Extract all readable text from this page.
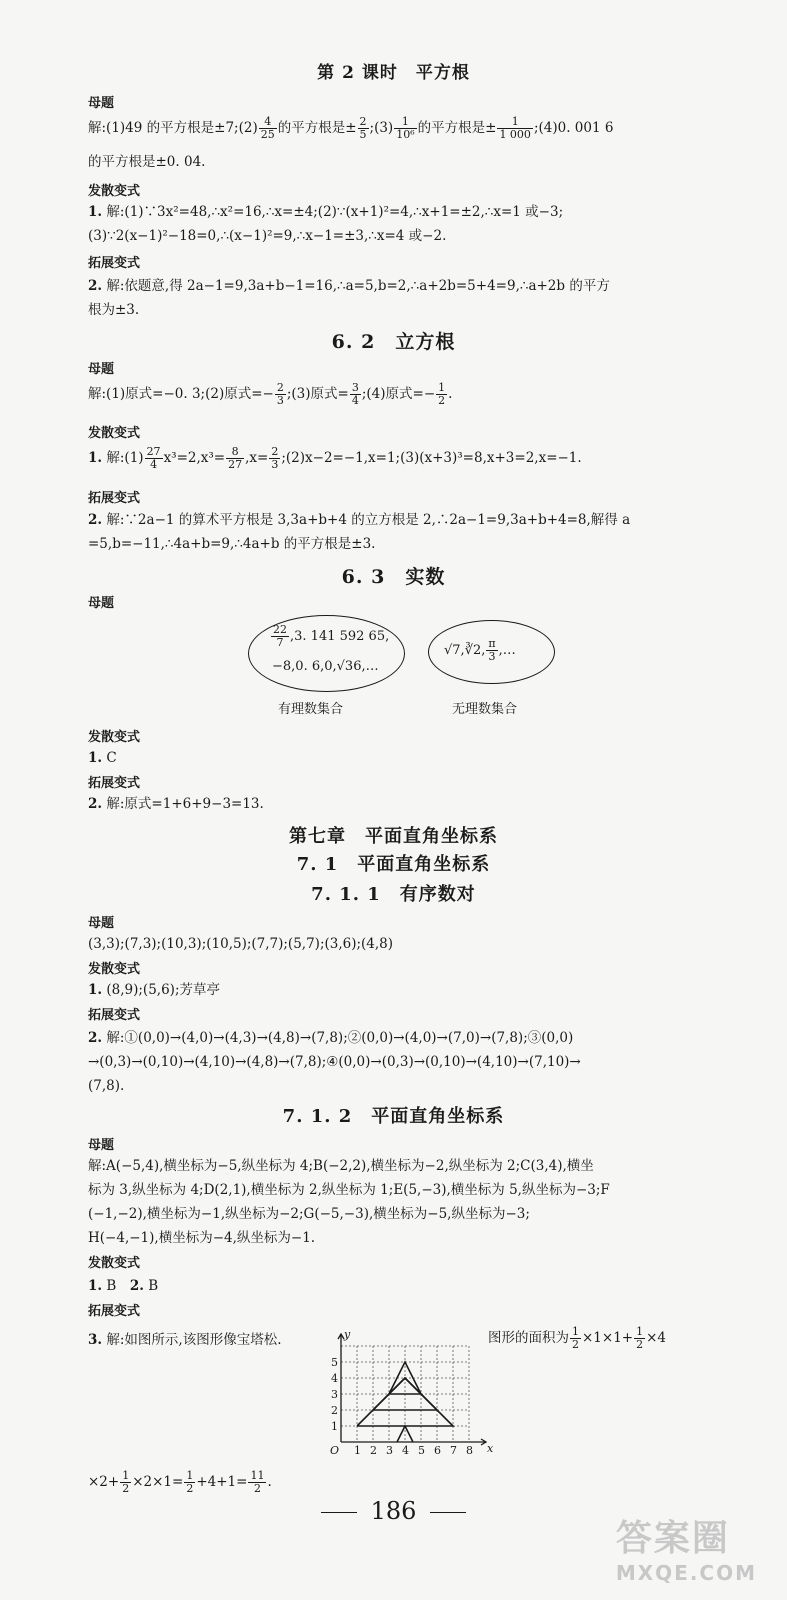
第 2 课时　平方根
母题
解:(1)49 的平方根是±7;(2) $\frac{4}{25}$ 的平方根是± $\frac{2}{5}$ ;(3) $\frac{1}{\text{10⁶}}$ 的平方根是± $\frac{1}{1 000}$ ;(4)0. 001 6
的平方根是±0. 04.
发散变式
1. 解:(1)∵3x²=48,∴x²=16,∴x=±4;(2)∵(x+1)²=4,∴x+1=±2,∴x=1 或−3;
(3)∵2(x−1)²−18=0,∴(x−1)²=9,∴x−1=±3,∴x=4 或−2.
拓展变式
2. 解:依题意,得 2a−1=9,3a+b−1=16,∴a=5,b=2,∴a+2b=5+4=9,∴a+2b 的平方
根为±3.
6. 2　立方根
母题
解:(1)原式=−0. 3;(2)原式=− $\frac{2}{3}$ ;(3)原式= $\frac{3}{4}$ ;(4)原式=− $\frac{1}{2}$ .
发散变式
1. 解:(1) $\frac{27}{4} x^3=2,x^3= \frac{8}{27} ,x= \frac{2}{3}$ ;(2)x−2=−1,x=1;(3)(x+3)³=8,x+3=2,x=−1.
拓展变式
2. 解:∵2a−1 的算术平方根是 3,3a+b+4 的立方根是 2,∴2a−1=9,3a+b+4=8,解得 a
=5,b=−11,∴4a+b=9,∴4a+b 的平方根是±3.
6. 3　实数
母题
$\frac{22}{7} ,3$. 141 592 65,
−8,0. 6,0,√36,…
√7,∛2, $\frac{\pi}{3}$ ,…
有理数集合	无理数集合
发散变式
1. C
拓展变式
2. 解:原式=1+6+9−3=13.
第七章　平面直角坐标系
7. 1　平面直角坐标系
7. 1. 1　有序数对
母题
(3,3);(7,3);(10,3);(10,5);(7,7);(5,7);(3,6);(4,8)
发散变式
1. (8,9);(5,6);芳草亭
拓展变式
2. 解:①(0,0)→(4,0)→(4,3)→(4,8)→(7,8);②(0,0)→(4,0)→(7,0)→(7,8);③(0,0)
→(0,3)→(0,10)→(4,10)→(4,8)→(7,8);④(0,0)→(0,3)→(0,10)→(4,10)→(7,10)→
(7,8).
7. 1. 2　平面直角坐标系
母题
解:A(−5,4),横坐标为−5,纵坐标为 4;B(−2,2),横坐标为−2,纵坐标为 2;C(3,4),横坐
标为 3,纵坐标为 4;D(2,1),横坐标为 2,纵坐标为 1;E(5,−3),横坐标为 5,纵坐标为−3;F
(−1,−2),横坐标为−1,纵坐标为−2;G(−5,−3),横坐标为−5,纵坐标为−3;
H(−4,−1),横坐标为−4,纵坐标为−1.
发散变式
1. B　2. B
拓展变式
3. 解:如图所示,该图形像宝塔松.	图形的面积为 $\frac{1}{2} \times 1\times 1+ \frac{1}{2} \times 4$
O	x
y
1 2 3 4 5 6 7 8
1
2
3
4
5
$\times 2+ \frac{1}{2} \times 2\times 1= \frac{1}{2} +4+1= \frac{11}{2}$ .
186
答案圈
MXQE.COM
